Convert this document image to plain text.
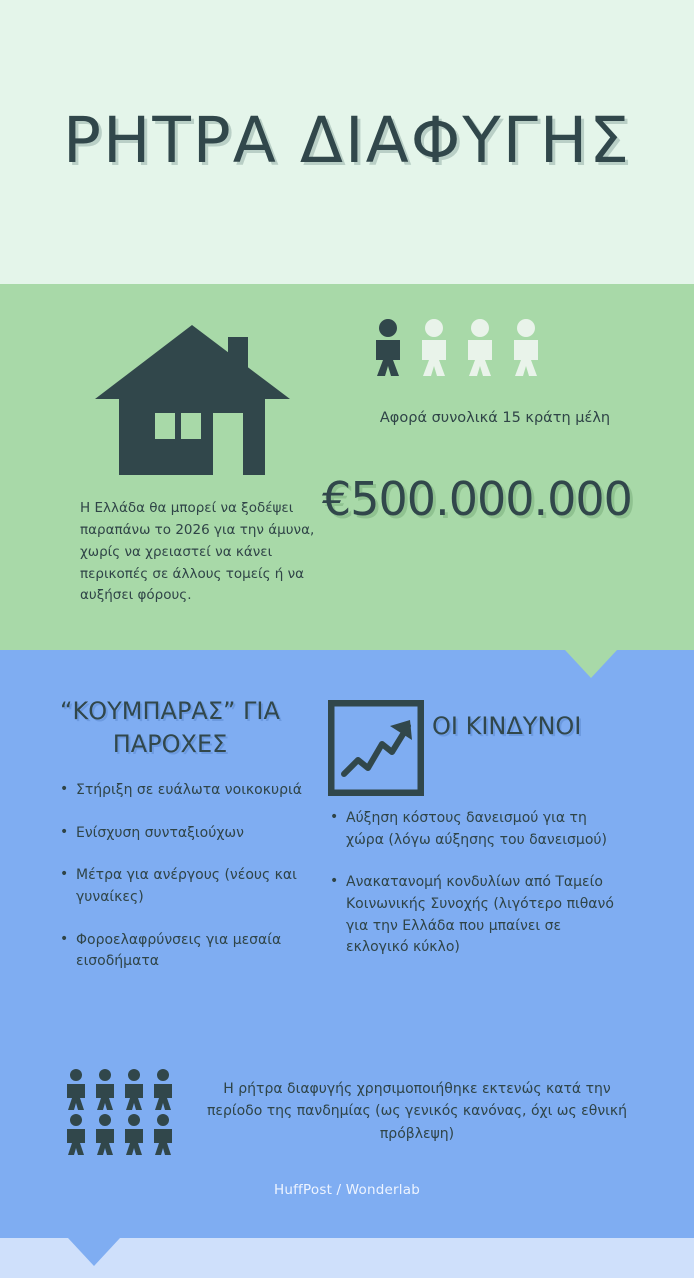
ΡΗΤΡΑ ΔΙΑΦΥΓΗΣ
Η Ελλάδα θα μπορεί να ξοδέψει παραπάνω το 2026 για την άμυνα, χωρίς να χρειαστεί να κάνει περικοπές σε άλλους τομείς ή να αυξήσει φόρους.
Αφορά συνολικά 15 κράτη μέλη
€500.000.000
“ΚΟΥΜΠΑΡΑΣ” ΓΙΑ ΠΑΡΟΧΕΣ
• Στήριξη σε ευάλωτα νοικοκυριά
• Ενίσχυση συνταξιούχων
• Μέτρα για ανέργους (νέους και γυναίκες)
• Φοροελαφρύνσεις για μεσαία εισοδήματα
ΟΙ ΚΙΝΔΥΝΟΙ
• Αύξηση κόστους δανεισμού για τη χώρα (λόγω αύξησης του δανεισμού)
• Ανακατανομή κονδυλίων από Ταμείο Κοινωνικής Συνοχής (λιγότερο πιθανό για την Ελλάδα που μπαίνει σε εκλογικό κύκλο)
Η ρήτρα διαφυγής χρησιμοποιήθηκε εκτενώς κατά την περίοδο της πανδημίας (ως γενικός κανόνας, όχι ως εθνική πρόβλεψη)
HuffPost / Wonderlab
